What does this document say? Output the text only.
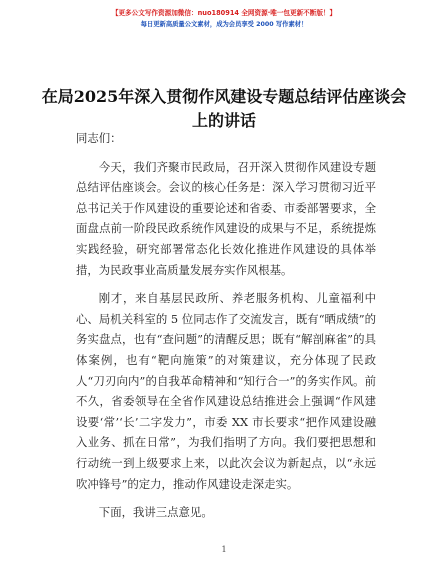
【更多公文写作资源加微信：nuo180914 全网资源·唯一包更新不断版！】
每日更新高质量公文素材，成为会员享受 2000 写作素材！
在局2025年深入贯彻作风建设专题总结评估座谈会上的讲话

同志们：

今天，我们齐聚市民政局，召开深入贯彻作风建设专题总结评估座谈会。会议的核心任务是：深入学习贯彻习近平总书记关于作风建设的重要论述和省委、市委部署要求，全面盘点前一阶段民政系统作风建设的成果与不足，系统提炼实践经验，研究部署常态化长效化推进作风建设的具体举措，为民政事业高质量发展夯实作风根基。

刚才，来自基层民政所、养老服务机构、儿童福利中心、局机关科室的 5 位同志作了交流发言，既有“晒成绩”的务实盘点，也有“查问题”的清醒反思；既有“解剖麻雀”的具体案例，也有“靶向施策”的对策建议，充分体现了民政人“刀刃向内”的自我革命精神和“知行合一”的务实作风。前不久，省委领导在全省作风建设总结推进会上强调“作风建设要‘常’‘长’二字发力”，市委 XX 市长要求“把作风建设融入业务、抓在日常”，为我们指明了方向。我们要把思想和行动统一到上级要求上来，以此次会议为新起点，以“永远吹冲锋号”的定力，推动作风建设走深走实。

下面，我讲三点意见。

1
